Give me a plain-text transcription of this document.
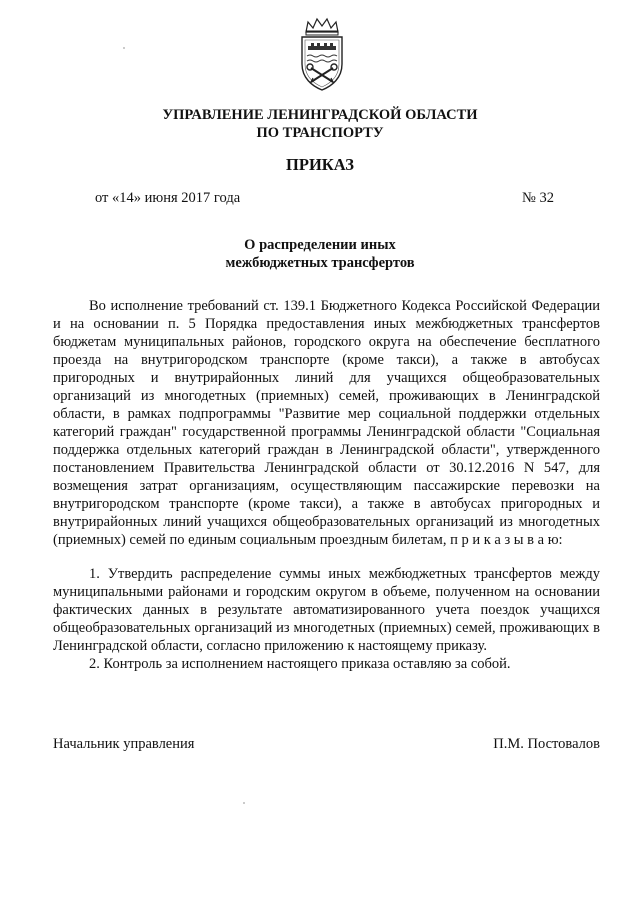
УПРАВЛЕНИЕ ЛЕНИНГРАДСКОЙ ОБЛАСТИ
ПО ТРАНСПОРТУ
ПРИКАЗ
от «14» июня 2017 года	№ 32
О распределении иных
межбюджетных трансфертов

Во исполнение требований ст. 139.1 Бюджетного Кодекса Российской Федерации и на основании п. 5 Порядка предоставления иных межбюджетных трансфертов бюджетам муниципальных районов, городского округа на обеспечение бесплатного проезда на внутригородском транспорте (кроме такси), а также в автобусах пригородных и внутрирайонных линий для учащихся общеобразовательных организаций из многодетных (приемных) семей, проживающих в Ленинградской области, в рамках подпрограммы "Развитие мер социальной поддержки отдельных категорий граждан" государственной программы Ленинградской области "Социальная поддержка отдельных категорий граждан в Ленинградской области", утвержденного постановлением Правительства Ленинградской области от 30.12.2016 N 547, для возмещения затрат организациям, осуществляющим пассажирские перевозки на внутригородском транспорте (кроме такси), а также в автобусах пригородных и внутрирайонных линий учащихся общеобразовательных организаций из многодетных (приемных) семей по единым социальным проездным билетам, п р и к а з ы в а ю:

1. Утвердить распределение суммы иных межбюджетных трансфертов между муниципальными районами и городским округом в объеме, полученном на основании фактических данных в результате автоматизированного учета поездок учащихся общеобразовательных организаций из многодетных (приемных) семей, проживающих в Ленинградской области, согласно приложению к настоящему приказу.

2. Контроль за исполнением настоящего приказа оставляю за собой.

Начальник управления	П.М. Постовалов
